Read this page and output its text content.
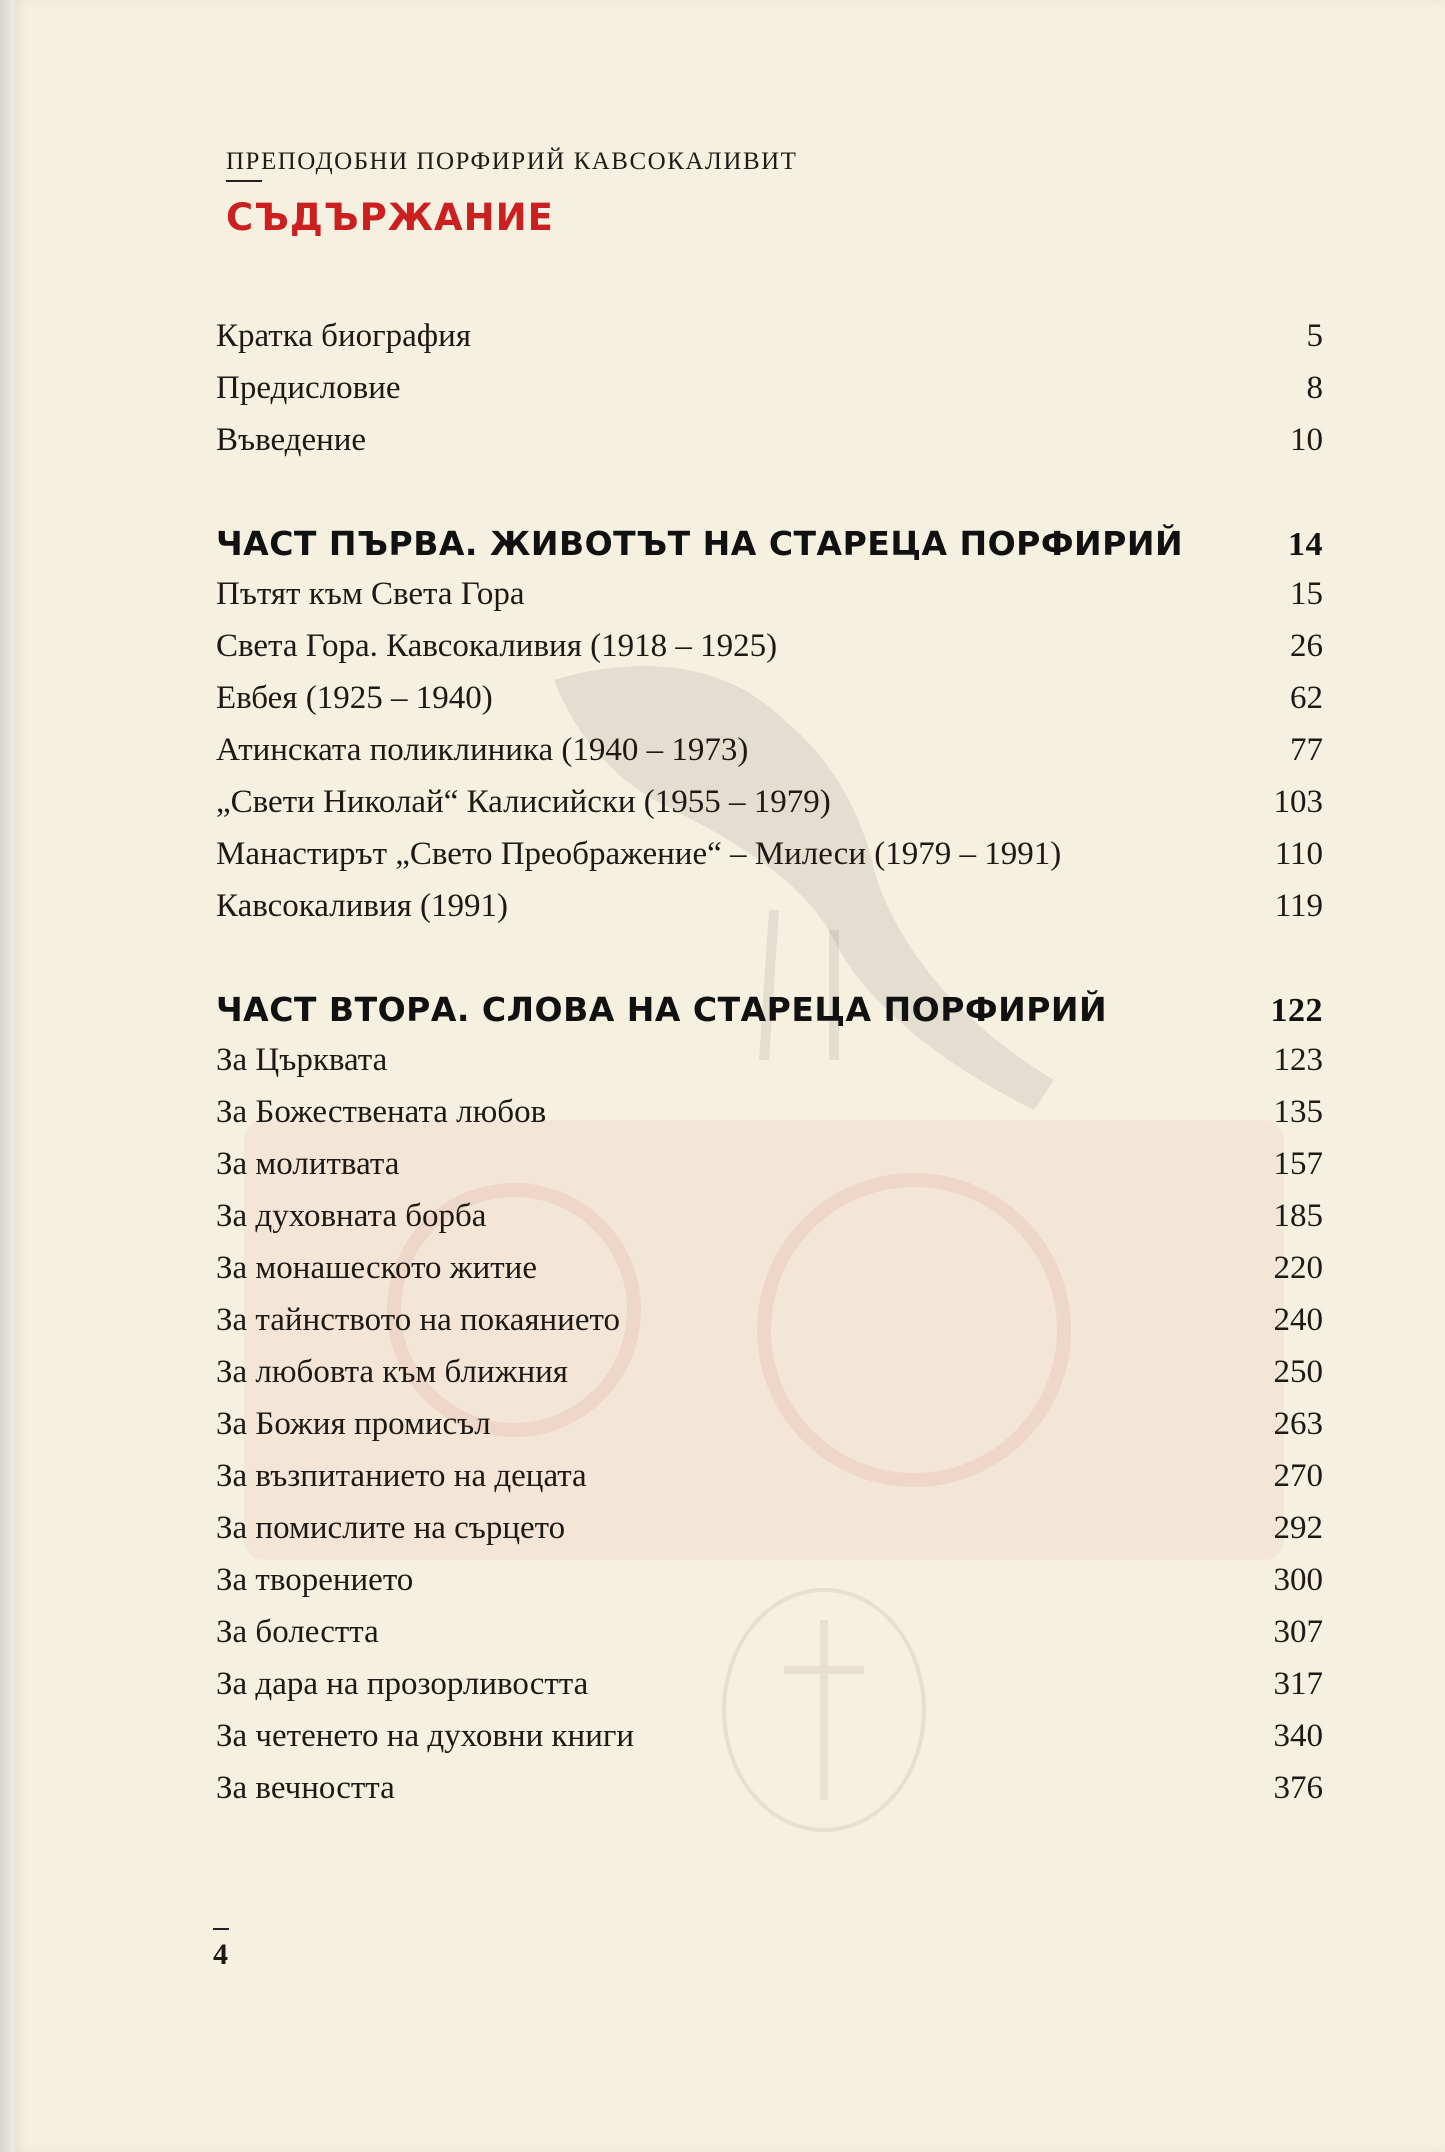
ПРЕПОДОБНИ ПОРФИРИЙ КАВСОКАЛИВИТ
СЪДЪРЖАНИЕ
Кратка биография	5
Предисловие	8
Въведение	10
ЧАСТ ПЪРВА. ЖИВОТЪТ НА СТАРЕЦА ПОРФИРИЙ	14
Пътят към Света Гора	15
Света Гора. Кавсокаливия (1918 – 1925)	26
Евбея (1925 – 1940)	62
Атинската поликлиника (1940 – 1973)	77
„Свети Николай“ Калисийски (1955 – 1979)	103
Манастирът „Свето Преображение“ – Милеси (1979 – 1991)	110
Кавсокаливия (1991)	119
ЧАСТ ВТОРА. СЛОВА НА СТАРЕЦА ПОРФИРИЙ	122
За Църквата	123
За Божествената любов	135
За молитвата	157
За духовната борба	185
За монашеското житие	220
За тайнството на покаянието	240
За любовта към ближния	250
За Божия промисъл	263
За възпитанието на децата	270
За помислите на сърцето	292
За творението	300
За болестта	307
За дара на прозорливостта	317
За четенето на духовни книги	340
За вечността	376
4
